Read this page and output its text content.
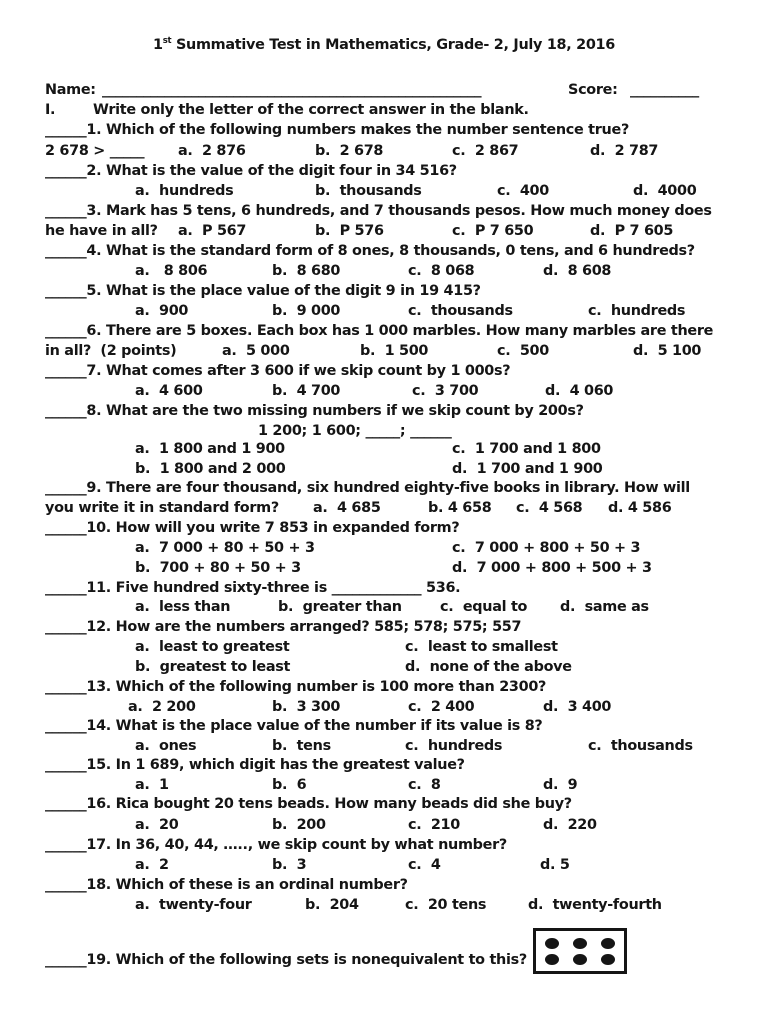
1st Summative Test in Mathematics, Grade- 2, July 18, 2016
Name: _______________________________________________________	Score: __________
I.	Write only the letter of the correct answer in the blank.
______1. Which of the following numbers makes the number sentence true?
2 678 > _____ a.  2 876	b.  2 678	c.  2 867	d.  2 787
______2. What is the value of the digit four in 34 516?
a.  hundreds	b.  thousands	c.  400	d.  4000
______3. Mark has 5 tens, 6 hundreds, and 7 thousands pesos. How much money does
he have in all? a.  P 567	b.  P 576	c.  P 7 650	d.  P 7 605
______4. What is the standard form of 8 ones, 8 thousands, 0 tens, and 6 hundreds?
a.   8 806	b.  8 680	c.  8 068	d.  8 608
______5. What is the place value of the digit 9 in 19 415?
a.  900	b.  9 000	c.  thousands	c.  hundreds
______6. There are 5 boxes. Each box has 1 000 marbles. How many marbles are there
in all?  (2 points)	a.  5 000	b.  1 500	c.  500	d.  5 100
______7. What comes after 3 600 if we skip count by 1 000s?
a.  4 600	b.  4 700	c.  3 700	d.  4 060
______8. What are the two missing numbers if we skip count by 200s?
1 200; 1 600; _____; ______
a.  1 800 and 1 900	c.  1 700 and 1 800
b.  1 800 and 2 000	d.  1 700 and 1 900
______9. There are four thousand, six hundred eighty-five books in library. How will
you write it in standard form? a.  4 685	b. 4 658 c.  4 568 d. 4 586
______10. How will you write 7 853 in expanded form?
a.  7 000 + 80 + 50 + 3	c.  7 000 + 800 + 50 + 3
b.  700 + 80 + 50 + 3	d.  7 000 + 800 + 500 + 3
______11. Five hundred sixty-three is _____________ 536.
a.  less than	b.  greater than	c.  equal to d.  same as
______12. How are the numbers arranged? 585; 578; 575; 557
a.  least to greatest	c.  least to smallest
b.  greatest to least	d.  none of the above
______13. Which of the following number is 100 more than 2300?
a.  2 200	b.  3 300	c.  2 400	d.  3 400
______14. What is the place value of the number if its value is 8?
a.  ones	b.  tens	c.  hundreds	c.  thousands
______15. In 1 689, which digit has the greatest value?
a.  1	b.  6	c.  8	d.  9
______16. Rica bought 20 tens beads. How many beads did she buy?
a.  20	b.  200	c.  210	d.  220
______17. In 36, 40, 44, ….., we skip count by what number?
a.  2	b.  3	c.  4	d. 5
______18. Which of these is an ordinal number?
a.  twenty-four	b.  204	c.  20 tens	d.  twenty-fourth
______19. Which of the following sets is nonequivalent to this?
